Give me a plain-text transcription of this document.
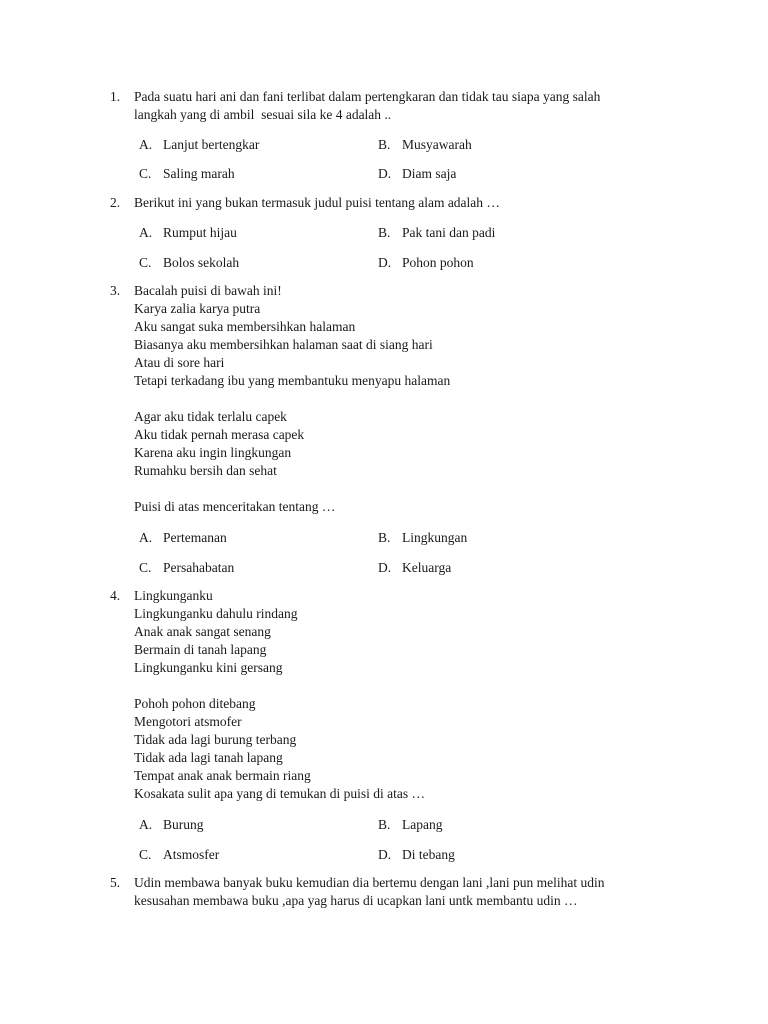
1. Pada suatu hari ani dan fani terlibat dalam pertengkaran dan tidak tau siapa yang salah
langkah yang di ambil  sesuai sila ke 4 adalah ..
A. Lanjut bertengkar	B. Musyawarah
C. Saling marah	D. Diam saja
2. Berikut ini yang bukan termasuk judul puisi tentang alam adalah …
A. Rumput hijau	B. Pak tani dan padi
C. Bolos sekolah	D. Pohon pohon
3. Bacalah puisi di bawah ini!
Karya zalia karya putra
Aku sangat suka membersihkan halaman
Biasanya aku membersihkan halaman saat di siang hari
Atau di sore hari
Tetapi terkadang ibu yang membantuku menyapu halaman
Agar aku tidak terlalu capek
Aku tidak pernah merasa capek
Karena aku ingin lingkungan
Rumahku bersih dan sehat
Puisi di atas menceritakan tentang …
A. Pertemanan	B. Lingkungan
C. Persahabatan	D. Keluarga
4. Lingkunganku
Lingkunganku dahulu rindang
Anak anak sangat senang
Bermain di tanah lapang
Lingkunganku kini gersang
Pohoh pohon ditebang
Mengotori atsmofer
Tidak ada lagi burung terbang
Tidak ada lagi tanah lapang
Tempat anak anak bermain riang
Kosakata sulit apa yang di temukan di puisi di atas …
A. Burung	B. Lapang
C. Atsmosfer	D. Di tebang
5. Udin membawa banyak buku kemudian dia bertemu dengan lani ,lani pun melihat udin
kesusahan membawa buku ,apa yag harus di ucapkan lani untk membantu udin …
